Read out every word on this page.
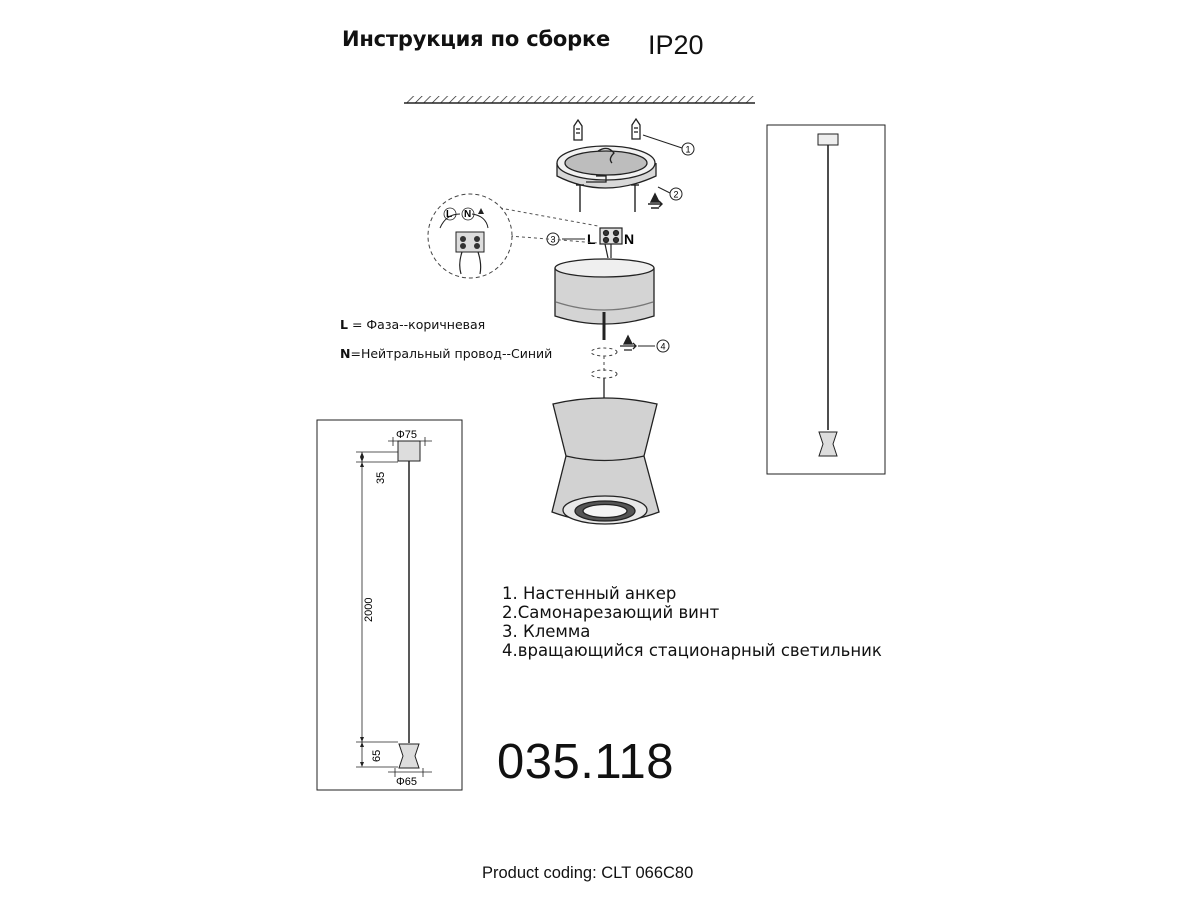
Инструкция по сборке IP20
1
2
3
4
L N
L N
Φ75
35
2000
65
Φ65
L = Фаза--коричневая
N=Нейтральный провод--Синий
1. Настенный анкер
2.Самонарезающий винт
3. Клемма
4.вращающийся стационарный светильник
035.118
Product coding: CLT 066C80
